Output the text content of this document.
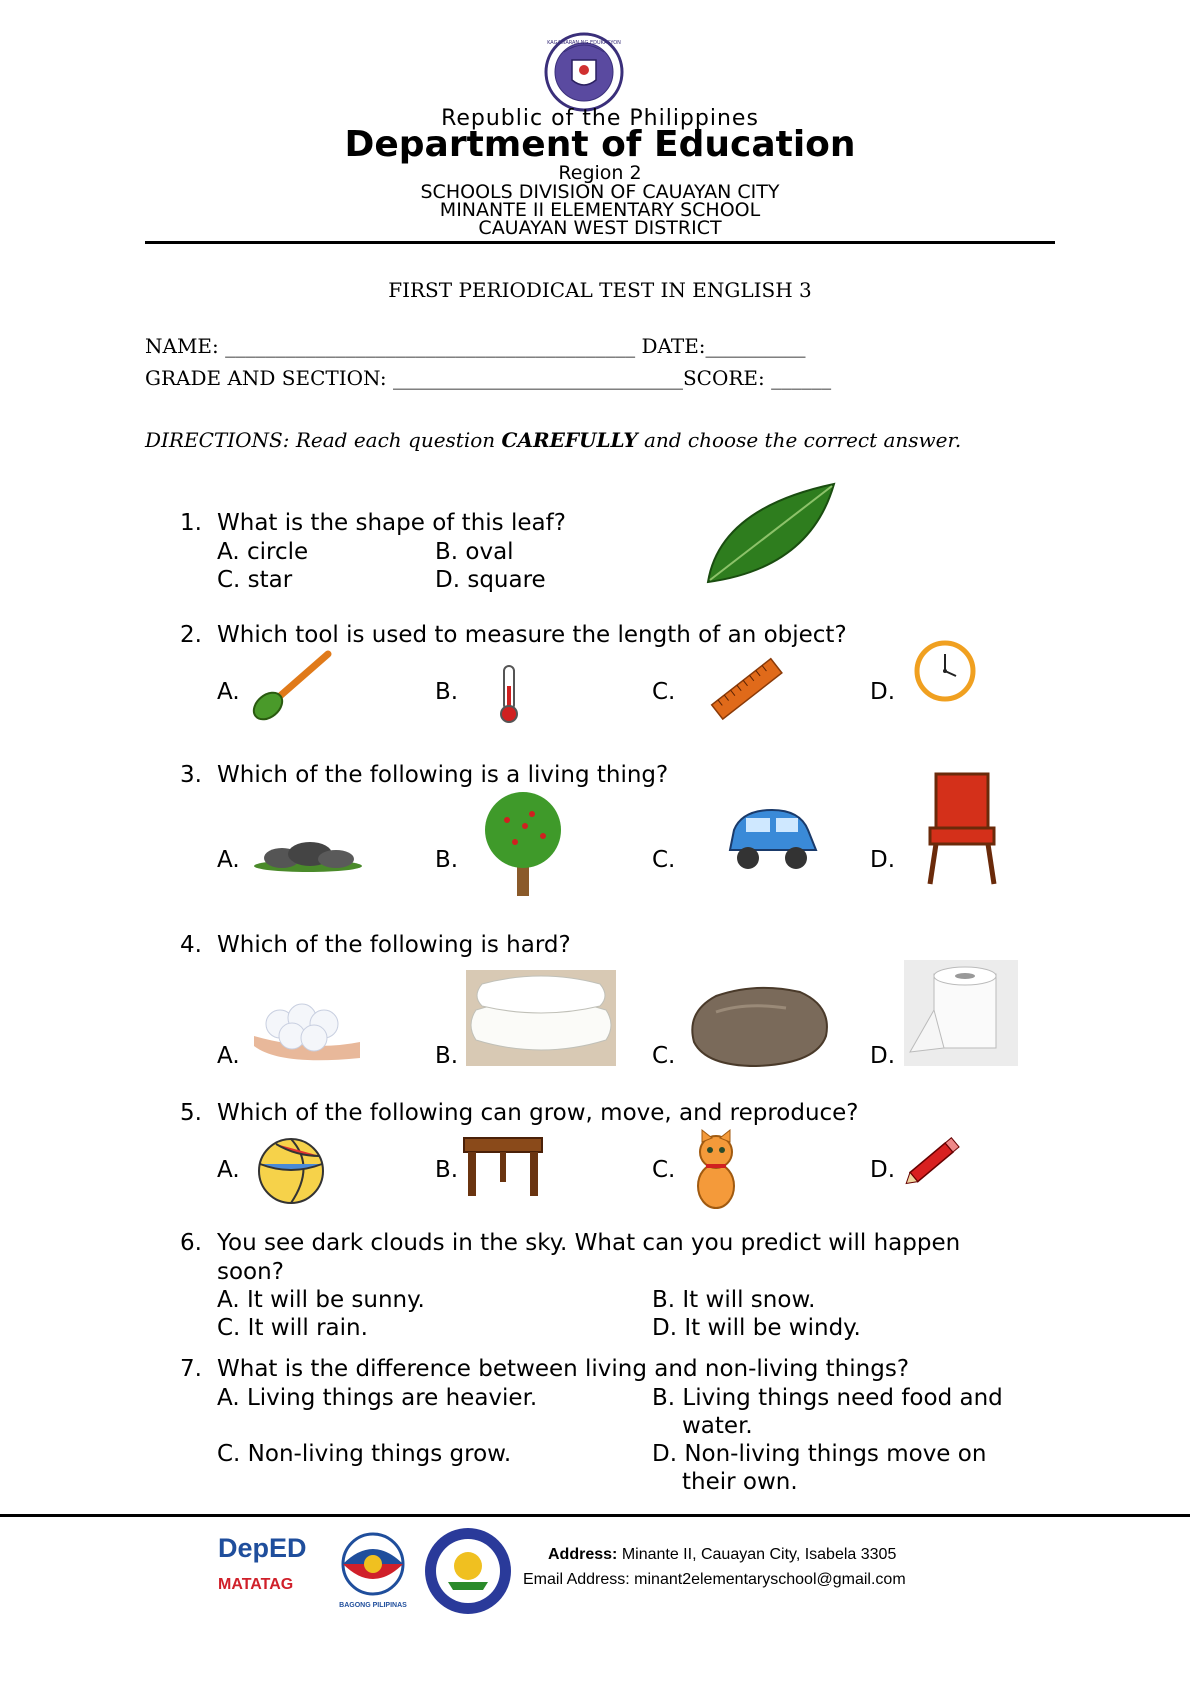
KAGAWARAN NG EDUKASYON
Republic of the Philippines
Department of Education
Region 2
SCHOOLS DIVISION OF CAUAYAN CITY
MINANTE II ELEMENTARY SCHOOL
CAUAYAN WEST DISTRICT
FIRST PERIODICAL TEST IN ENGLISH 3
NAME: _________________________________________ DATE:__________
GRADE AND SECTION: _____________________________SCORE: ______
DIRECTIONS: Read each question CAREFULLY and choose the correct answer.
1. What is the shape of this leaf?
A. circle	B. oval
C. star	D. square
2. Which tool is used to measure the length of an object?
A.	B.	C.	D.
3. Which of the following is a living thing?
A.	B.	C.	D.
4. Which of the following is hard?
A.	B.	C.	D.
5. Which of the following can grow, move, and reproduce?
A.	B.	C.	D.
6. You see dark clouds in the sky. What can you predict will happen
soon?
A. It will be sunny.	B. It will snow.
C. It will rain.	D. It will be windy.
7. What is the difference between living and non-living things?
A. Living things are heavier.	B. Living things need food and
water.
C. Non-living things grow.	D. Non-living things move on
their own.
DepED
MATATAG
BAGONG PILIPINAS
Address: Minante II, Cauayan City, Isabela 3305
Email Address: minant2elementaryschool@gmail.com
